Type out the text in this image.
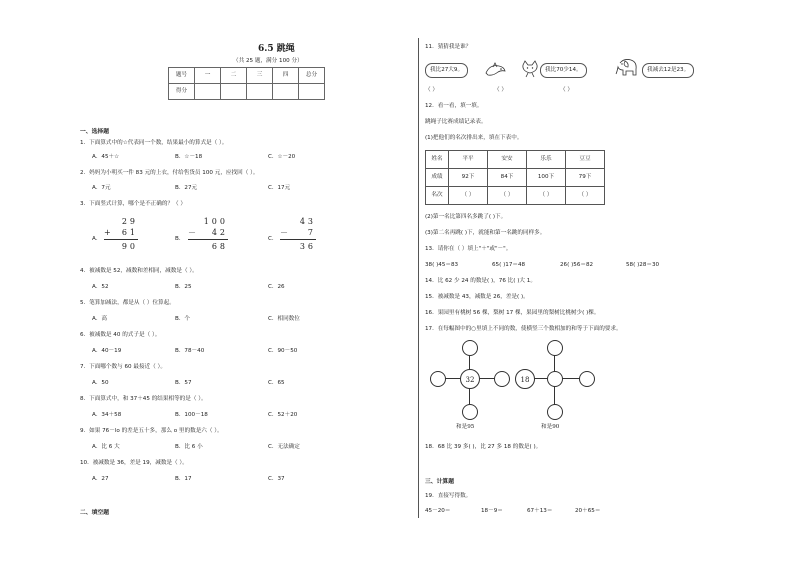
6.5 跳绳
（共 25 题，满分 100 分）
题号	一	二	三	四	总分
得分					
一、选择题
1．下面算式中的☆代表同一个数，结果最小的算式是（ ）。
A．45＋☆	B．☆－18	C．☆－20
2．妈妈为小明买一件 83 元的上衣，付给售货员 100 元，应找回（ ）。
A．7元	B．27元	C．17元
3．下面竖式计算，哪个是不正确的？（ ）
A．
29
+ 61
90
B．
100
－ 42
68
C．
43
－ 7
36
4．被减数是 52，减数和差相同，减数是（ ）。
A．52	B．25	C．26
5．笔算加减法，都是从（ ）位算起。
A．高	B．个	C．相同数位
6．被减数是 40 的式子是（ ）。
A．40－19	B．78－40	C．90－50
7．下面哪个数与 60 最接近（ ）。
A．50	B．57	C．65
8．下面算式中，和 37＋45 的结果相等的是（ ）。
A．34＋58	B．100－18	C．52＋20
9．如果 76－lo 的差是五十多，那么 o 里的数是六（ ）。
A．比 6 大	B．比 6 小	C．无法确定
10．被减数是 36，差是 19，减数是（ ）。
A．27	B．17	C．37
二、填空题
11．猜猜我是谁？
我比27大9。	我比70少14。	我减去12是23。
（ ）	（ ）	（ ）
12．看一看，填一填。
跳绳子比赛成绩记录表。
(1)把他们的名次排出来，填在下表中。
姓名	平平	安安	乐乐	豆豆
成绩	92下	84下	100下	79下
名次	（ ）	（ ）	（ ）	（ ）
(2)第一名比第四名多跳了( )下。
(3)第二名再跳( )下，就能和第一名跳的同样多。
13．请你在（ ）填上"＋"或"－"。
38( )45＝83	65( )17＝48	26( )56＝82	58( )28＝30
14．比 62 少 24 的数是( )，76 比( )大 1。
15．被减数是 43，减数是 26，差是( )。
16．果园里有桃树 56 棵，梨树 17 棵，果园里的梨树比桃树少( )棵。
17．在每幅图中的○里填上不同的数，使横竖三个数相加的和等于下面的要求。
32
和是95
18
和是90
18．68 比 39 多( )，比 27 多 18 的数是( )。
三、计算题
19．直接写得数。
45－20＝	18－9＝	67＋13＝	20＋65＝
